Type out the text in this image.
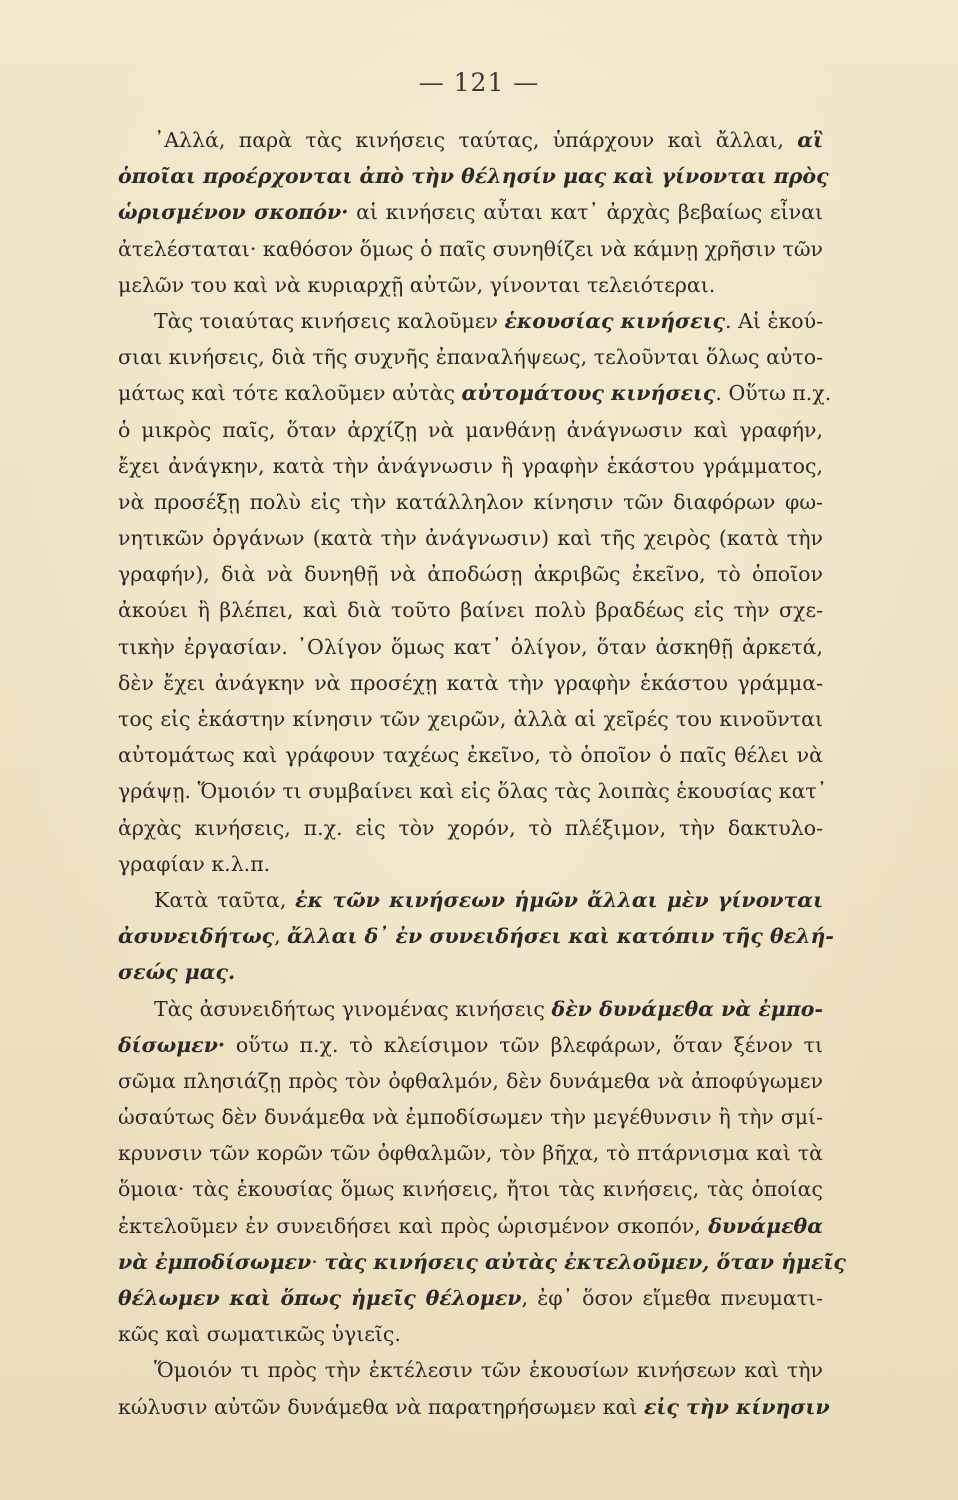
— 121 —
᾿Αλλά, παρὰ τὰς κινήσεις ταύτας, ὑπάρχουν καὶ ἄλλαι, αἳ
ὁποῖαι προέρχονται ἀπὸ τὴν θέλησίν μας καὶ γίνονται πρὸς
ὡρισμένον σκοπόν· αἱ κινήσεις αὗται κατ᾿ ἀρχὰς βεβαίως εἶναι
ἀτελέσταται· καθόσον ὅμως ὁ παῖς συνηθίζει νὰ κάμνῃ χρῆσιν τῶν
μελῶν του καὶ νὰ κυριαρχῇ αὐτῶν, γίνονται τελειότεραι.
Τὰς τοιαύτας κινήσεις καλοῦμεν ἑκουσίας κινήσεις. Αἱ ἑκού-
σιαι κινήσεις, διὰ τῆς συχνῆς ἐπαναλήψεως, τελοῦνται ὅλως αὐτο-
μάτως καὶ τότε καλοῦμεν αὐτὰς αὐτομάτους κινήσεις. Οὕτω π.χ.
ὁ μικρὸς παῖς, ὅταν ἀρχίζῃ νὰ μανθάνῃ ἀνάγνωσιν καὶ γραφήν,
ἔχει ἀνάγκην, κατὰ τὴν ἀνάγνωσιν ἢ γραφὴν ἑκάστου γράμματος,
νὰ προσέξῃ πολὺ εἰς τὴν κατάλληλον κίνησιν τῶν διαφόρων φω-
νητικῶν ὀργάνων (κατὰ τὴν ἀνάγνωσιν) καὶ τῆς χειρὸς (κατὰ τὴν
γραφήν), διὰ νὰ δυνηθῇ νὰ ἀποδώσῃ ἀκριβῶς ἐκεῖνο, τὸ ὁποῖον
ἀκούει ἢ βλέπει, καὶ διὰ τοῦτο βαίνει πολὺ βραδέως εἰς τὴν σχε-
τικὴν ἐργασίαν. ᾿Ολίγον ὅμως κατ᾿ ὀλίγον, ὅταν ἀσκηθῇ ἀρκετά,
δὲν ἔχει ἀνάγκην νὰ προσέχῃ κατὰ τὴν γραφὴν ἑκάστου γράμμα-
τος εἰς ἑκάστην κίνησιν τῶν χειρῶν, ἀλλὰ αἱ χεῖρές του κινοῦνται
αὐτομάτως καὶ γράφουν ταχέως ἐκεῖνο, τὸ ὁποῖον ὁ παῖς θέλει νὰ
γράψῃ. Ὅμοιόν τι συμβαίνει καὶ εἰς ὅλας τὰς λοιπὰς ἑκουσίας κατ᾿
ἀρχὰς κινήσεις, π.χ. εἰς τὸν χορόν, τὸ πλέξιμον, τὴν δακτυλο-
γραφίαν κ.λ.π.
Κατὰ ταῦτα, ἐκ τῶν κινήσεων ἡμῶν ἄλλαι μὲν γίνονται
ἀσυνειδήτως, ἄλλαι δ᾿ ἐν συνειδήσει καὶ κατόπιν τῆς θελή-
σεώς μας.
Τὰς ἀσυνειδήτως γινομένας κινήσεις δὲν δυνάμεθα νὰ ἐμπο-
δίσωμεν· οὕτω π.χ. τὸ κλείσιμον τῶν βλεφάρων, ὅταν ξένον τι
σῶμα πλησιάζῃ πρὸς τὸν ὀφθαλμόν, δὲν δυνάμεθα νὰ ἀποφύγωμεν
ὡσαύτως δὲν δυνάμεθα νὰ ἐμποδίσωμεν τὴν μεγέθυνσιν ἢ τὴν σμί-
κρυνσιν τῶν κορῶν τῶν ὀφθαλμῶν, τὸν βῆχα, τὸ πτάρνισμα καὶ τὰ
ὅμοια· τὰς ἑκουσίας ὅμως κινήσεις, ἤτοι τὰς κινήσεις, τὰς ὁποίας
ἐκτελοῦμεν ἐν συνειδήσει καὶ πρὸς ὡρισμένον σκοπόν, δυνάμεθα
νὰ ἐμποδίσωμεν· τὰς κινήσεις αὐτὰς ἐκτελοῦμεν, ὅταν ἡμεῖς
θέλωμεν καὶ ὅπως ἡμεῖς θέλομεν, ἐφ᾿ ὅσον εἴμεθα πνευματι-
κῶς καὶ σωματικῶς ὑγιεῖς.
Ὅμοιόν τι πρὸς τὴν ἐκτέλεσιν τῶν ἑκουσίων κινήσεων καὶ τὴν
κώλυσιν αὐτῶν δυνάμεθα νὰ παρατηρήσωμεν καὶ εἰς τὴν κίνησιν
